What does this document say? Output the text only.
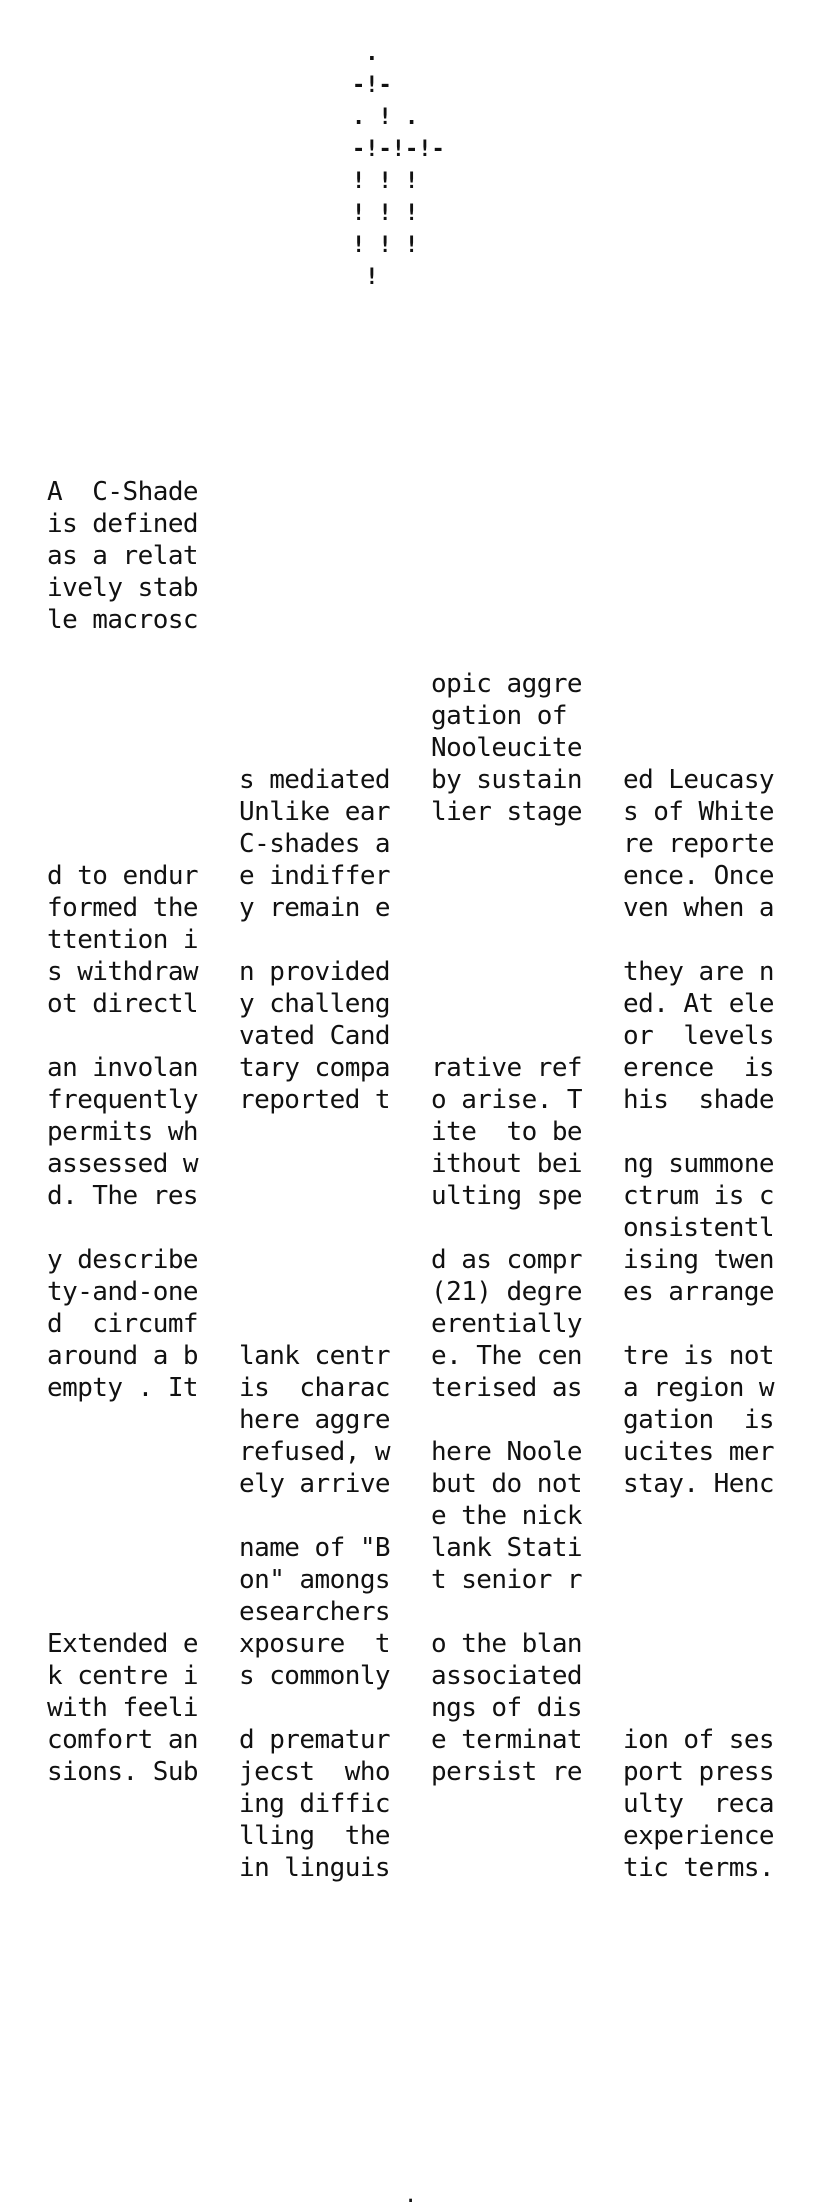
.
-!-
. ! .
-!-!-!-
! ! !
! ! !
! ! !
!
A  C-Shade
is defined
as a relat
ively stab
le macrosc
d to endur
formed the
ttention i
s withdraw
ot directl
an involan
frequently
permits wh
assessed w
d. The res
y describe
ty-and-one
d  circumf
around a b
empty . It
Extended e
k centre i
with feeli
comfort an
sions. Sub
s mediated
Unlike ear
C-shades a
e indiffer
y remain e
n provided
y challeng
vated Cand
tary compa
reported t
lank centr
is  charac
here aggre
refused, w
ely arrive
name of "B
on" amongs
esearchers
xposure  t
s commonly
d prematur
jecst  who
ing diffic
lling  the
in linguis
opic aggre
gation of
Nooleucite
by sustain
lier stage
rative ref
o arise. T
ite  to be
ithout bei
ulting spe
d as compr
(21) degre
erentially
e. The cen
terised as
here Noole
but do not
e the nick
lank Stati
t senior r
o the blan
associated
ngs of dis
e terminat
persist re
ed Leucasy
s of White
re reporte
ence. Once
ven when a
they are n
ed. At ele
or  levels
erence  is
his  shade
ng summone
ctrum is c
onsistentl
ising twen
es arrange
tre is not
a region w
gation  is
ucites mer
stay. Henc
ion of ses
port press
ulty  reca
experience
tic terms.
.
